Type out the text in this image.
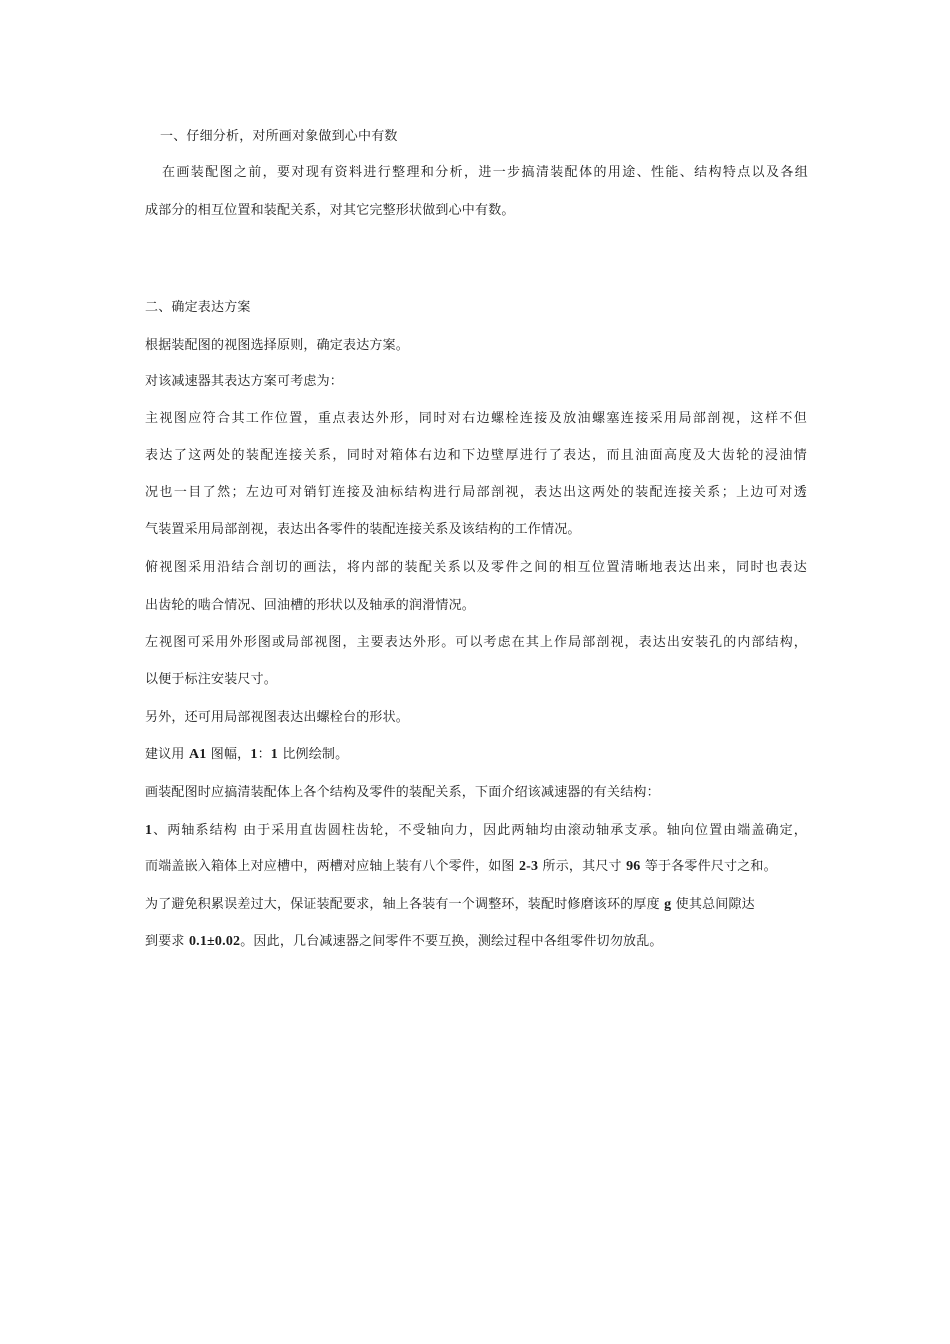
一、仔细分析，对所画对象做到心中有数
在画装配图之前，要对现有资料进行整理和分析，进一步搞清装配体的用途、性能、结构特点以及各组
成部分的相互位置和装配关系，对其它完整形状做到心中有数。
二、确定表达方案
根据装配图的视图选择原则，确定表达方案。
对该减速器其表达方案可考虑为：
主视图应符合其工作位置，重点表达外形，同时对右边螺栓连接及放油螺塞连接采用局部剖视，这样不但
表达了这两处的装配连接关系，同时对箱体右边和下边壁厚进行了表达，而且油面高度及大齿轮的浸油情
况也一目了然；左边可对销钉连接及油标结构进行局部剖视，表达出这两处的装配连接关系；上边可对透
气装置采用局部剖视，表达出各零件的装配连接关系及该结构的工作情况。
俯视图采用沿结合剖切的画法，将内部的装配关系以及零件之间的相互位置清晰地表达出来，同时也表达
出齿轮的啮合情况、回油槽的形状以及轴承的润滑情况。
左视图可采用外形图或局部视图，主要表达外形。可以考虑在其上作局部剖视，表达出安装孔的内部结构，
以便于标注安装尺寸。
另外，还可用局部视图表达出螺栓台的形状。
建议用 A1 图幅，1：1 比例绘制。
画装配图时应搞清装配体上各个结构及零件的装配关系，下面介绍该减速器的有关结构：
1、两轴系结构 由于采用直齿圆柱齿轮，不受轴向力，因此两轴均由滚动轴承支承。轴向位置由端盖确定，
而端盖嵌入箱体上对应槽中，两槽对应轴上装有八个零件，如图 2-3 所示，其尺寸 96 等于各零件尺寸之和。
为了避免积累误差过大，保证装配要求，轴上各装有一个调整环，装配时修磨该环的厚度 g 使其总间隙达
到要求 0.1±0.02。因此，几台减速器之间零件不要互换，测绘过程中各组零件切勿放乱。
